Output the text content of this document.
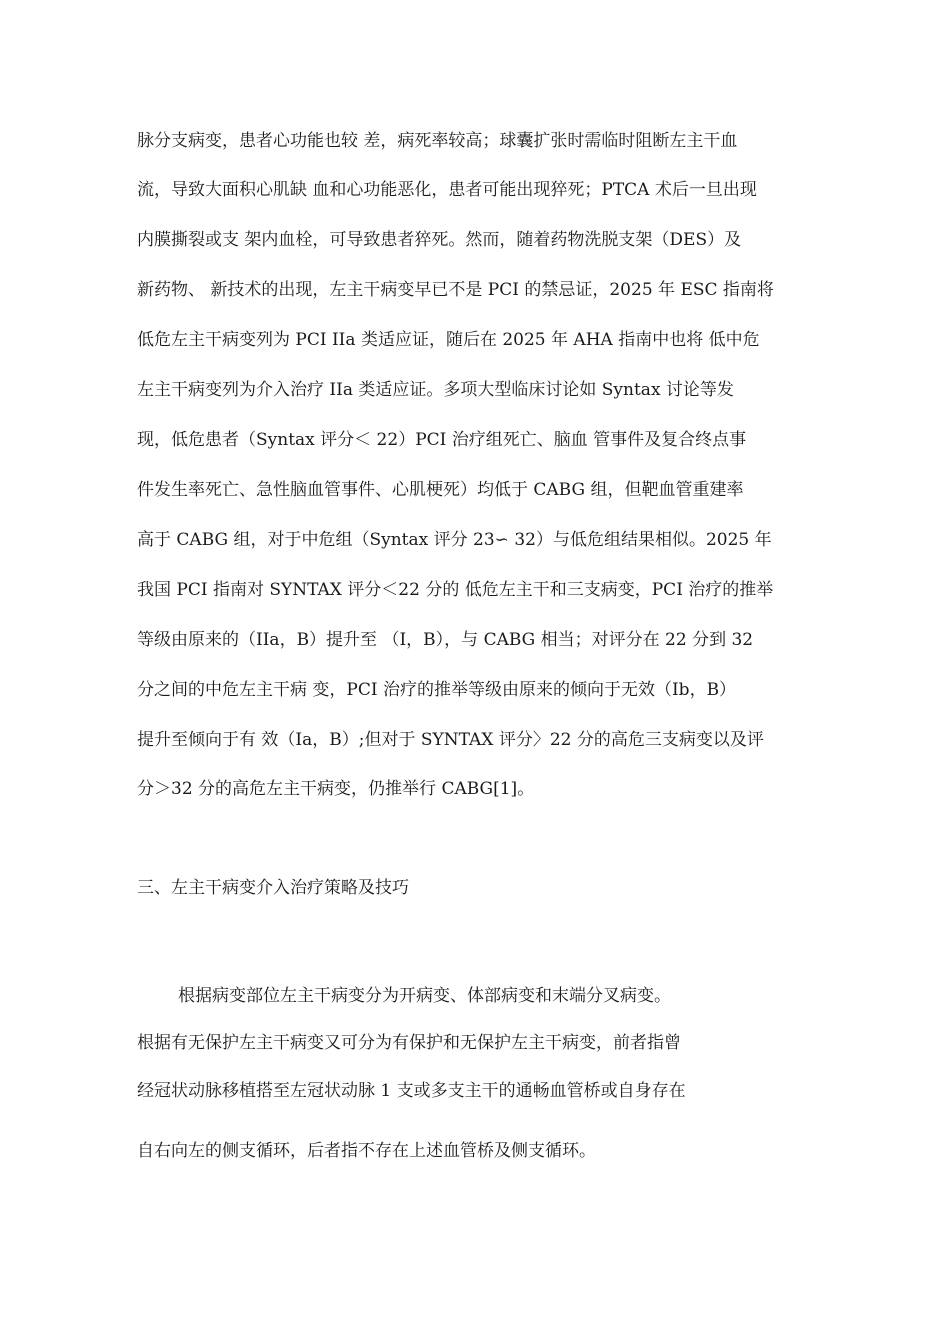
脉分支病变，患者心功能也较 差，病死率较高；球囊扩张时需临时阻断左主干血
流，导致大面积心肌缺 血和心功能恶化，患者可能出现猝死；PTCA 术后一旦出现
内膜撕裂或支 架内血栓，可导致患者猝死。然而，随着药物洗脱支架（DES）及
新药物、 新技术的出现，左主干病变早已不是 PCI 的禁忌证，2025 年 ESC 指南将
低危左主干病变列为 PCI IIa 类适应证，随后在 2025 年 AHA 指南中也将 低中危
左主干病变列为介入治疗 IIa 类适应证。多项大型临床讨论如 Syntax 讨论等发
现，低危患者（Syntax 评分＜ 22）PCI 治疗组死亡、脑血 管事件及复合终点事
件发生率死亡、急性脑血管事件、心肌梗死）均低于 CABG 组，但靶血管重建率
高于 CABG 组，对于中危组（Syntax 评分 23∽ 32）与低危组结果相似。2025 年
我国 PCI 指南对 SYNTAX 评分＜22 分的 低危左主干和三支病变，PCI 治疗的推举
等级由原来的（IIa，B）提升至 （I，B），与 CABG 相当；对评分在 22 分到 32
分之间的中危左主干病 变，PCI 治疗的推举等级由原来的倾向于无效（Ib，B）
提升至倾向于有 效（Ia，B）;但对于 SYNTAX 评分〉22 分的高危三支病变以及评
分＞32 分的高危左主干病变，仍推举行 CABG[1]。
三、左主干病变介入治疗策略及技巧
根据病变部位左主干病变分为开病变、体部病变和末端分叉病变。
根据有无保护左主干病变又可分为有保护和无保护左主干病变，前者指曾
经冠状动脉移植搭至左冠状动脉 1 支或多支主干的通畅血管桥或自身存在
自右向左的侧支循环，后者指不存在上述血管桥及侧支循环。
